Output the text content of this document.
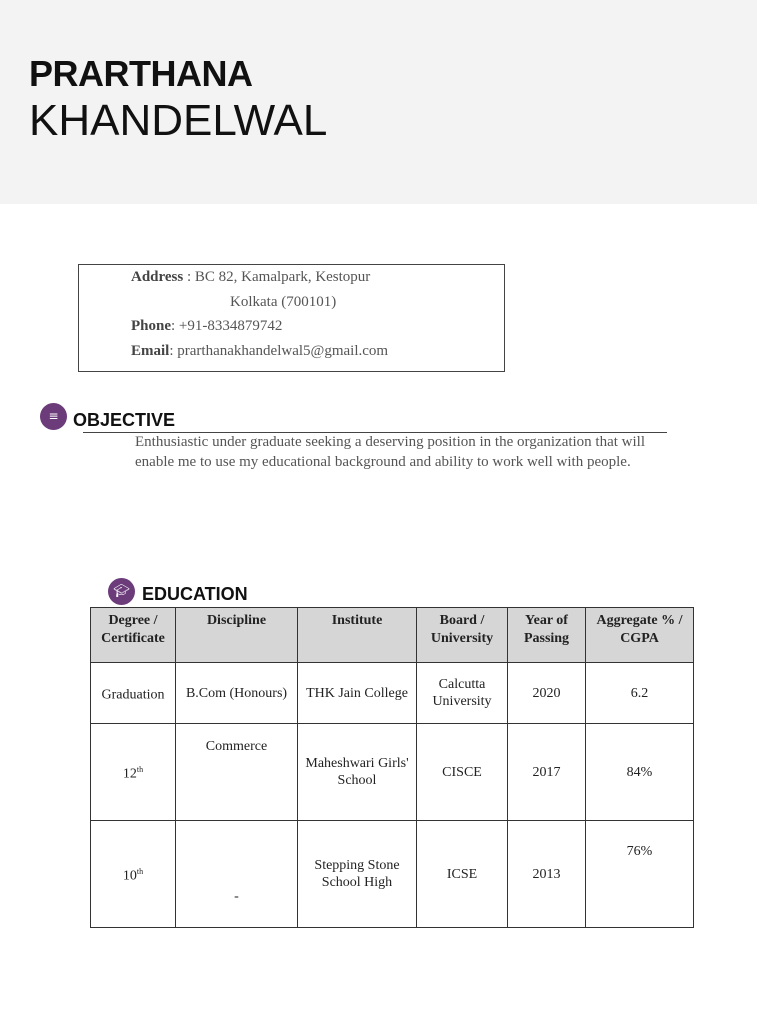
PRARTHANA
KHANDELWAL
Address : BC 82, Kamalpark, Kestopur
Kolkata (700101)
Phone: +91-8334879742
Email: prarthanakhandelwal5@gmail.com
≡ OBJECTIVE

Enthusiastic under graduate seeking a deserving position in the organization that will enable me to use my educational background and ability to work well with people.

🎓︎ EDUCATION
Degree / Certificate	Discipline	Institute	Board / University	Year of Passing	Aggregate % / CGPA
Graduation	B.Com (Honours)	THK Jain College	Calcutta University	2020	6.2
12th	Commerce	Maheshwari Girls' School	CISCE	2017	84%
10th	-	Stepping Stone School High	ICSE	2013	76%
